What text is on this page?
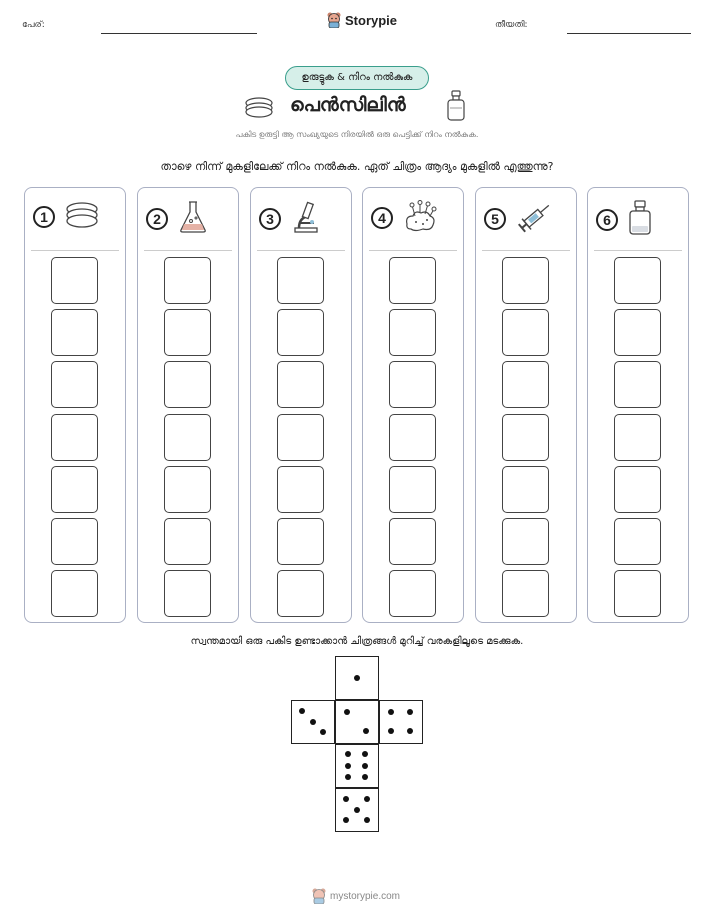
പേര്:	Storypie	തീയതി:
ഉരുട്ടുക & നിറം നൽകുക
പെൻസിലിൻ
പകിട ഉരുട്ടി ആ സംഖ്യയുടെ നിരയിൽ ഒരു പെട്ടിക്ക് നിറം നൽകുക.
താഴെ നിന്ന് മുകളിലേക്ക് നിറം നൽകുക. ഏത് ചിത്രം ആദ്യം മുകളിൽ എത്തുന്നു?
1	2	3	4	5	6
സ്വന്തമായി ഒരു പകിട ഉണ്ടാക്കാൻ ചിത്രങ്ങൾ മുറിച്ച് വരകളിലൂടെ മടക്കുക.
mystorypie.com
